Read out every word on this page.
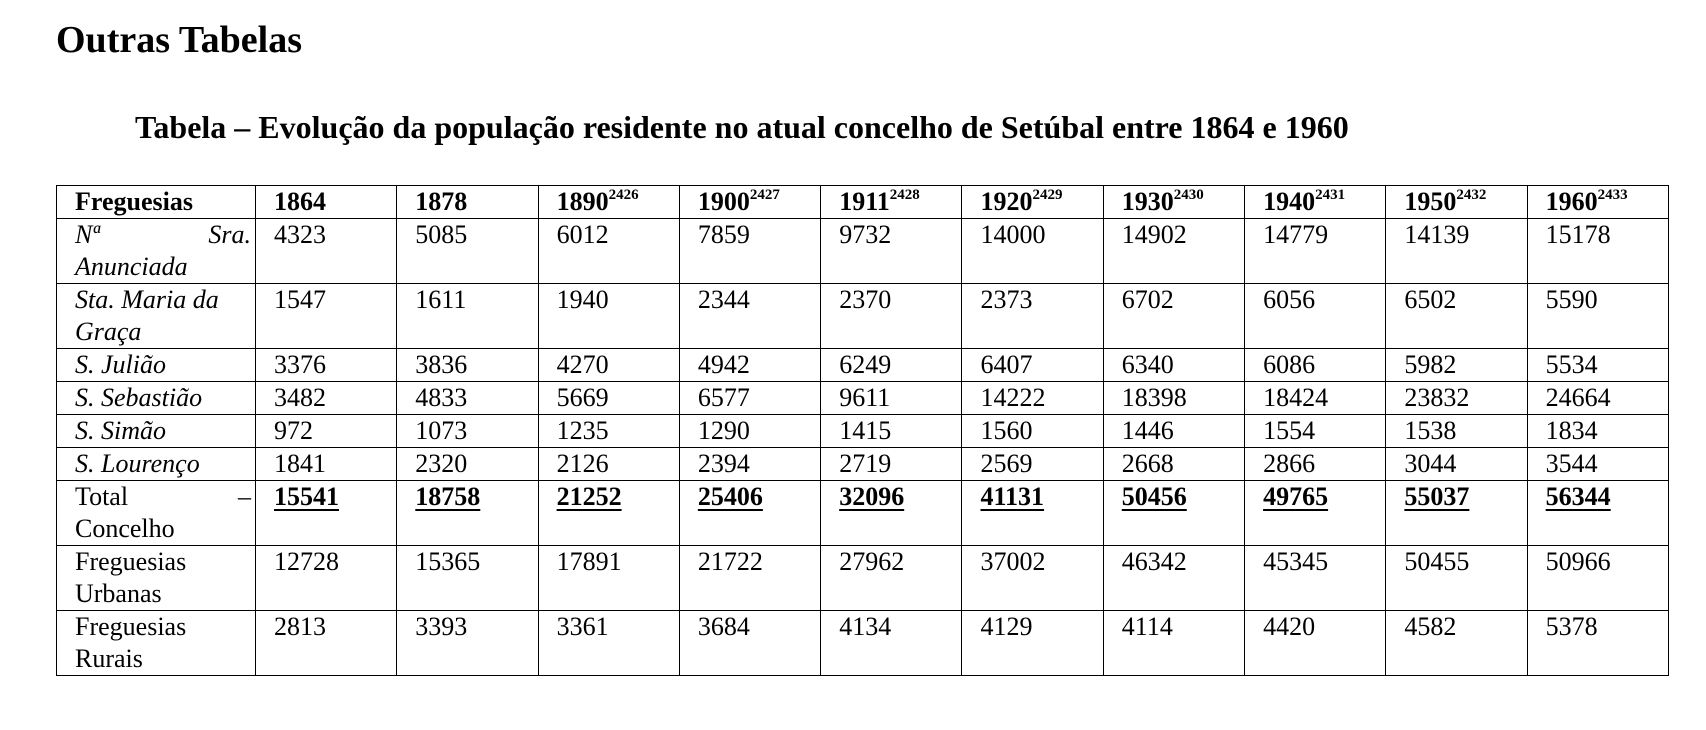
Outras Tabelas
Tabela – Evolução da população residente no atual concelho de Setúbal entre 1864 e 1960
Freguesias	1864	1878	1890$^{2426}$	1900$^{2427}$	1911$^{2428}$	1920$^{2429}$	1930$^{2430}$	1940$^{2431}$	1950$^{2432}$	1960$^{2433}$

Nª Sra.
Anunciada	4323	5085	6012	7859	9732	14000	14902	14779	14139	15178
Sta. Maria da Graça	1547	1611	1940	2344	2370	2373	6702	6056	6502	5590
S. Julião	3376	3836	4270	4942	6249	6407	6340	6086	5982	5534
S. Sebastião	3482	4833	5669	6577	9611	14222	18398	18424	23832	24664
S. Simão	972	1073	1235	1290	1415	1560	1446	1554	1538	1834
S. Lourenço	1841	2320	2126	2394	2719	2569	2668	2866	3044	3544

Total –
Concelho	15541	18758	21252	25406	32096	41131	50456	49765	55037	56344

Freguesias
Urbanas	12728	15365	17891	21722	27962	37002	46342	45345	50455	50966

Freguesias
Rurais	2813	3393	3361	3684	4134	4129	4114	4420	4582	5378
